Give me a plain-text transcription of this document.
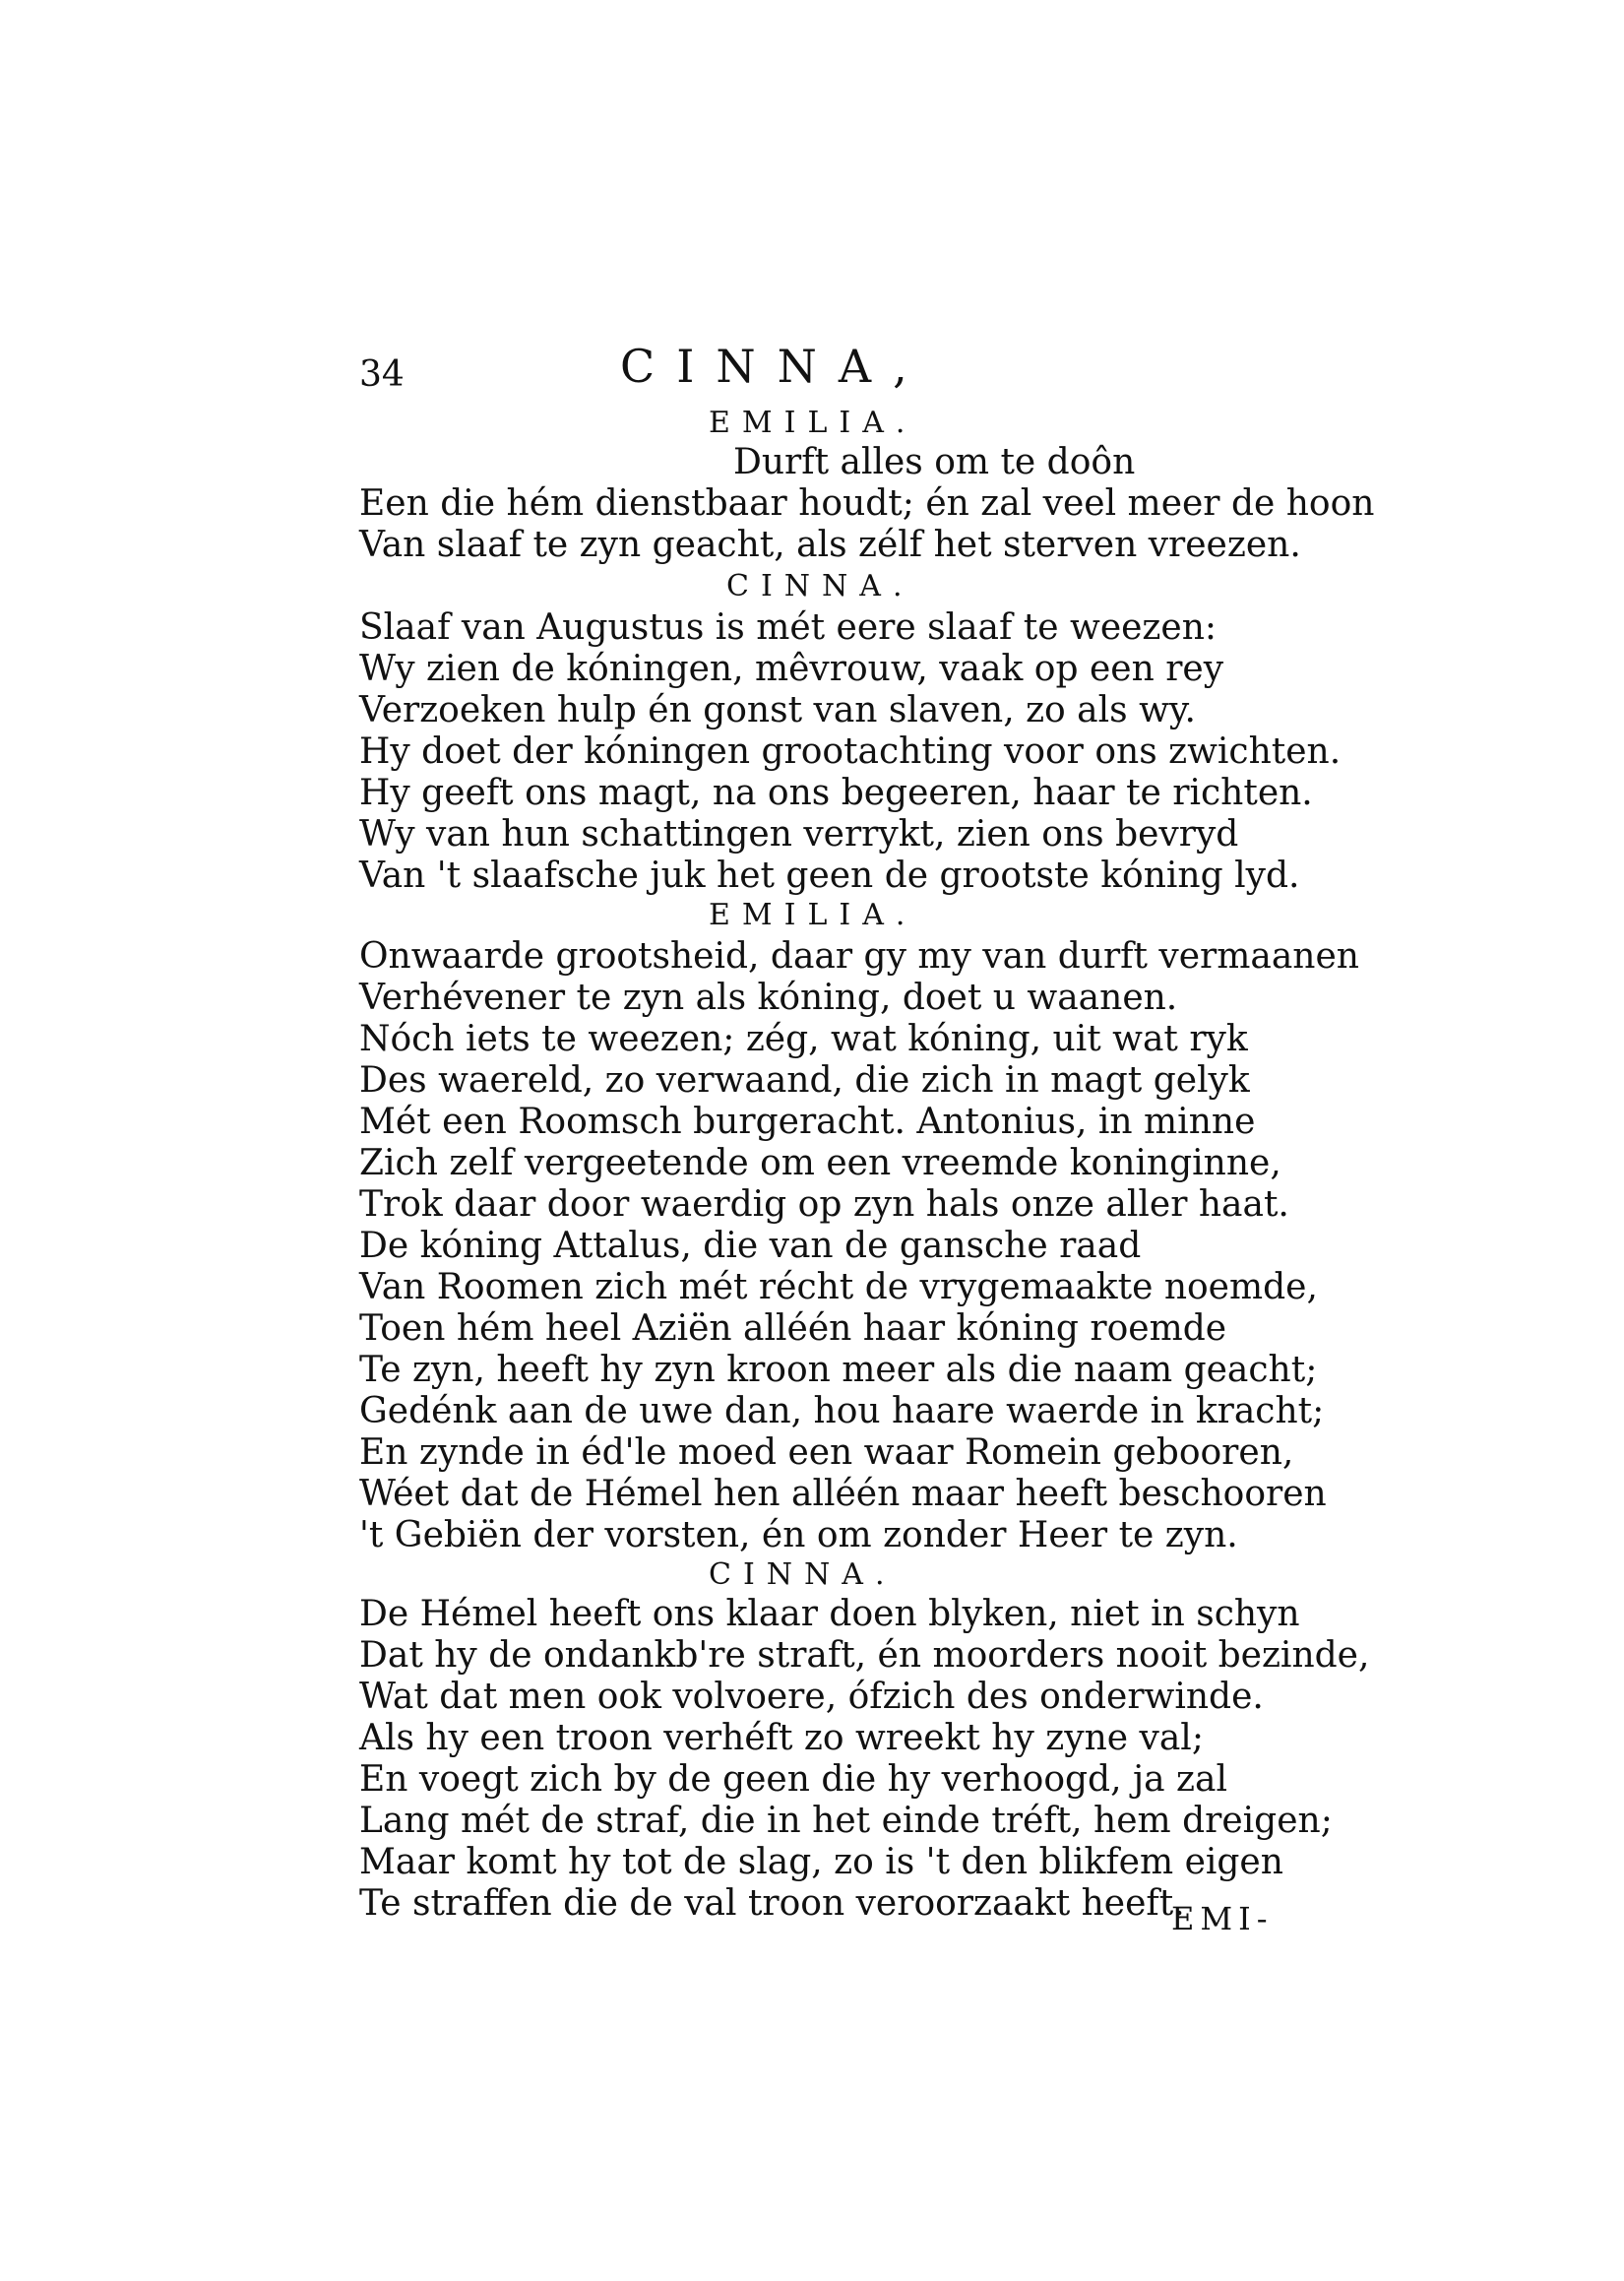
34	CINNA,
EMILIA.
Durft alles om te doôn
Een die hém dienstbaar houdt; én zal veel meer de hoon
Van slaaf te zyn geacht, als zélf het sterven vreezen.
CINNA.
Slaaf van Augustus is mét eere slaaf te weezen:
Wy zien de kóningen, mêvrouw, vaak op een rey
Verzoeken hulp én gonst van slaven, zo als wy.
Hy doet der kóningen grootachting voor ons zwichten.
Hy geeft ons magt, na ons begeeren, haar te richten.
Wy van hun schattingen verrykt, zien ons bevryd
Van 't slaafsche juk het geen de grootste kóning lyd.
EMILIA.
Onwaarde grootsheid, daar gy my van durft vermaanen
Verhévener te zyn als kóning, doet u waanen.
Nóch iets te weezen; zég, wat kóning, uit wat ryk
Des waereld, zo verwaand, die zich in magt gelyk
Mét een Roomsch burgeracht. Antonius, in minne
Zich zelf vergeetende om een vreemde koninginne,
Trok daar door waerdig op zyn hals onze aller haat.
De kóning Attalus, die van de gansche raad
Van Roomen zich mét récht de vrygemaakte noemde,
Toen hém heel Aziën alléén haar kóning roemde
Te zyn, heeft hy zyn kroon meer als die naam geacht;
Gedénk aan de uwe dan, hou haare waerde in kracht;
En zynde in éd'le moed een waar Romein gebooren,
Wéet dat de Hémel hen alléén maar heeft beschooren
't Gebiën der vorsten, én om zonder Heer te zyn.
CINNA.
De Hémel heeft ons klaar doen blyken, niet in schyn
Dat hy de ondankb're straft, én moorders nooit bezinde,
Wat dat men ook volvoere, ófzich des onderwinde.
Als hy een troon verhéft zo wreekt hy zyne val;
En voegt zich by de geen die hy verhoogd, ja zal
Lang mét de straf, die in het einde tréft, hem dreigen;
Maar komt hy tot de slag, zo is 't den blikfem eigen
Te straffen die de val troon veroorzaakt heeft.
EMI-
